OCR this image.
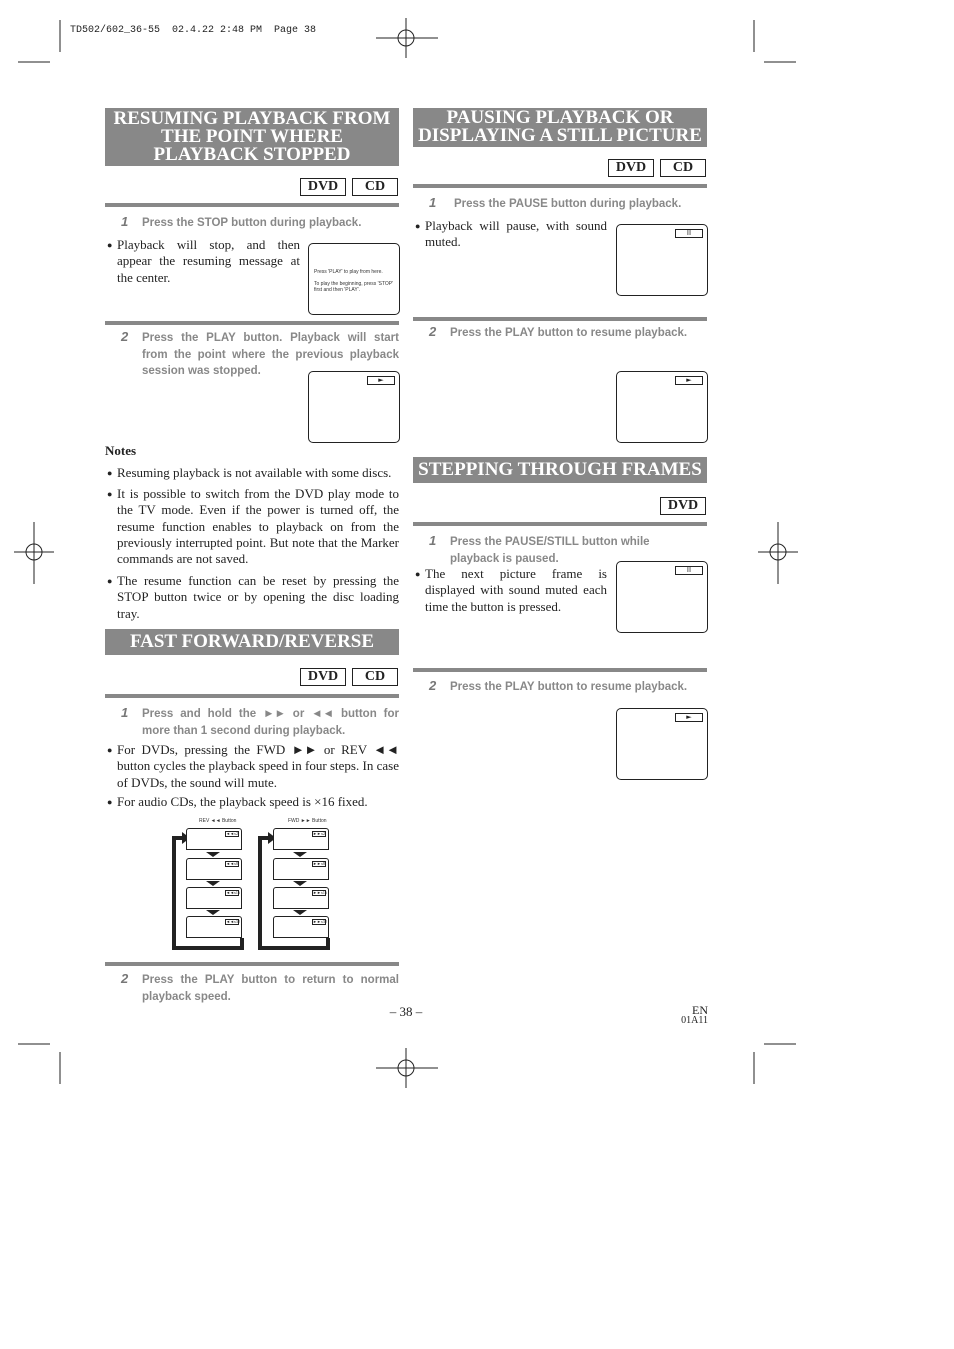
TD502/602_36-55  02.4.22 2:48 PM  Page 38
RESUMING PLAYBACK FROM
THE POINT WHERE
PLAYBACK STOPPED
DVD	CD
1 Press the STOP button during playback.
● Playback will stop, and then appear the resuming message at the center.	Press 'PLAY' to play from here.
To play the beginning, press 'STOP' first and then 'PLAY'.
2 Press the PLAY button. Playback will start from the point where the previous playback session was stopped.
►
Notes
● Resuming playback is not available with some discs.
● It is possible to switch from the DVD play mode to the TV mode. Even if the power is turned off, the resume function enables to playback on from the previously interrupted point. But note that the Marker commands are not saved.
● The resume function can be reset by pressing the STOP button twice or by opening the disc loading tray.
FAST FORWARD/REVERSE
DVD	CD
1 Press and hold the ►► or ◄◄ button for more than 1 second during playback.
● For DVDs, pressing the FWD ►► or REV ◄◄ button cycles the playback speed in four steps. In case of DVDs, the sound will mute.
● For audio CDs, the playback speed is ×16 fixed.
REV ◄◄ Button	FWD ►► Button
◄◄x2
◄◄x8
◄◄x16
◄◄x32
►►x2
►►x8
►►x16
►►x32
2 Press the PLAY button to return to normal playback speed.
PAUSING PLAYBACK OR
DISPLAYING A STILL PICTURE
DVD	CD
1 Press the PAUSE button during playback.
● Playback will pause, with sound muted.
II
2 Press the PLAY button to resume playback.
►
STEPPING THROUGH FRAMES
DVD
1 Press the PAUSE/STILL button while playback is paused.
● The next picture frame is displayed with sound muted each time the button is pressed.
II
2 Press the PLAY button to resume playback.
►
– 38 –	EN
01A11
